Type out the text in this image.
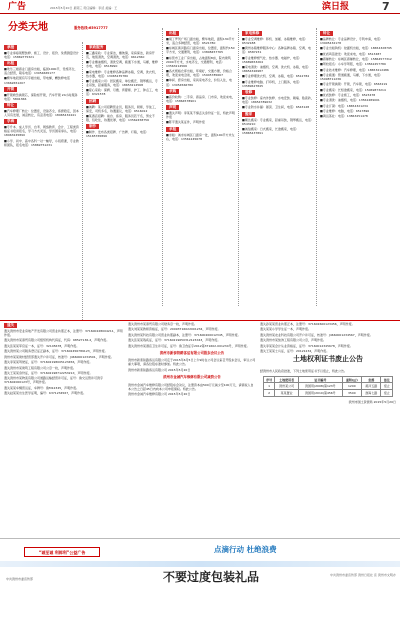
广告	2015年5月20日 星期三 责任编辑：李延 美编：王	滨日报	7
分类天地	服务热线:65917777
承接
■专业承接别墅装修、施工、设计、报价、免费测量设计电话：15869775321
出租
■欢乐三楼商业门面房出租，临街1000平，设施齐全，适合经营，联系电话：13054665177
■繁华地段现有写字楼出租，带电梯，精装修电话13662651207
开锁
■开锁救急换锁芯，保险柜开锁，汽车开锁 24小时服务 电话：5891366
转让
■汽车修理厂转让：位置佳，设备齐全，客源稳定，因本人另有发展，诚意转让，有意者电话：18965432441
学海
■专升本、成人学历、自考、网络教育、会计、工程类资格证书培训报名，学习方式灵活，学历国家承认，电话：18963245890
■小学、初中、高中各科一对一辅导，小班授课，专业教师团队，报名电话：15869751231
家政服务
■三鑫家政：专业保洁，擦玻璃，家庭保洁，新房开荒，地毯清洗，空调清洗，电话：6612360
■专业擦油烟机，清洗空调，疏通下水道，马桶，维修水电，电话：6518990
■家电维修：专业维修各种品牌冰箱，空调，洗衣机，热水器，电话：13065235780
■专业搬家公司：居民搬家、单位搬迁、钢琴搬运，专业吊装，起重服务，电话：18653214568
■爱心家政：保姆、月嫂、育婴师、护工、钟点工，电话：6321578
招聘
■诚聘：某公司招聘营业员，服务员，厨师，学徒工，保安，司机多名，待遇面议，电话：6516012
■某酒店招聘：前台、客房、服务员若干名，男女不限，包吃住，待遇优厚，电话：13562458756
制作
■制作、发布各类招牌、广告牌、灯箱，电话：15165765896
出租
■胡丁罗列广场门面出租，繁华地段，面积130平方米，适合多种经营，电话：6521780
■东城区黄河路有门面房出租，位置佳，面积约150平方米，交通便利，电话：13808457765
■东营市工业厂房出租，占地面积8亩，院内建筑2000平方米，水电齐全，交通便利，电话：13563214566
■各式规格仓库出租，环境好，交通方便，价格合理，欢迎来电洽谈，电话：15945785667
■单间、套房出租，家具家电齐全，拎包入住，电话：13054566780
求购
■高价收购：二手房、商品房、门市房，欢迎来电，电话：15864578901
声明
■遗失声明：李某某不慎丢失身份证一张，特此声明作废
■陈平遗失某证件，声明作废
求租
■求租：诚求东城区门面房一处，面积100平方米左右，电话：13561245678
家电维修
■专业空调维修：移机、加氟、冰箱维修，电话：6532188
■滨州冰箱维修服务中心：各种品牌冰箱、空调，电话：6587231
■专业维修燃气灶、热水器、电磁炉，电话：15689653264
■家电清洗：油烟机、空调、洗衣机、冰箱，电话：18654326987
■专业修理洗衣机、空调、冰箱，电话：6512784
■专业维修电脑、打印机，上门服务，电话：13589627845
装修
■专业装修：室内外装修、水电安装、刷墙、贴瓷砖，电话：18654789632
■专业防水补漏：屋顶、卫生间，电话：6543128
搬家
■顺达搬家：专业搬家，起重吊装，钢琴搬运，电话：6543210
■诚信搬家：日式搬家，长途搬家，电话：15865437891
转让
■品牌转让：专业品牌设计，专利申请，电话：13905432178
■专业出租钩机：挖掘机出租，电话：18654328795
■优质鸡苗批发：欢迎来电，电话：6513487
■商铺转让：东城区商铺转让，电话：15864577312
■驾校报名：小车学驾照，电话：13562457789
■专业技术维修：汽车修理，电话：18653212486
■专业疏通：管道疏通，马桶，下水道，电话：15098711236
■专业开锁换锁：开锁，汽车锁，电话：6563219
■专业搬家：长短途搬家，电话：15069873214
■优质装修：专业施工，电话：6523478
■专业清洗：油烟机，电话：13562489001
■专业订餐：电话：18654321234
■专业维修：电脑，电话：6517896
■鸿运茶社：电话：13863251478
遗失

遗失滨州市宏业房地产开发有限公司营业执照正本，注册号：371600228004211，声明作废。

遗失滨州市某商贸有限公司组织机构代码证，代码：68527136-2，声明作废。

遗失张某某军官证一本，证号：32145678，声明作废。

遗失滨州某公司税务登记证正副本，证号：371602456789123，声明作废。

滨州市某某建材经营部遗失开户许可证，核准号：J4660001234501，声明作废。

遗失李某某驾驶证，证号：371602198005123456，声明作废。

遗失滨州市某建筑工程有限公司公章一枚，声明作废。

遗失王某某身份证，证号：37160219871225321X，声明作废。

遗失滨州市某物流有限公司道路运输经营许可证，证号：鲁交运管许可滨字371602000123号，声明作废。

遗失某某车辆营运证，车牌号：鲁M12345，声明作废。

遗失赵某某出生医学证明，编号：K371234567，声明作废。

遗失滨州市某商贸有限公司财务章一枚，声明作废。

遗失刘某某教师资格证，证号：20093716022001234，声明作废。

遗失滨州某科技有限公司营业执照副本，注册号：371600200012345，声明作废。

遗失张某某残疾证，证号：37160219650312123X43，声明作废。

遗失滨州市某酒店卫生许可证，证号：鲁卫食证字2012第371602-001234号，声明作废。

滨州市新泰铁路客运有限公司股东会议公告

滨州市新泰铁路客运有限公司定于2015年6月5日上午9时在公司会议室召开股东会议，审议公司重大事项，请各位股东准时参加。特此公告。

滨州市新泰铁路客运有限公司 2015年5月20日

滨州市金诚汽车维修有限公司减资公告

滨州市金诚汽车维修有限公司经股东会决议，注册资本由500万元减少至100万元，请债权人自本公告之日起45日内向本公司申报债权。特此公告。

滨州市金诚汽车维修有限公司 2015年5月20日

遗失孙某某营业执照正本，注册号：371602600123456，声明作废。

遗失某某小学学生证一本，声明作废。

遗失滨州某农业科技有限公司开户许可证，核准号：J4660001234567，声明作废。

遗失滨州市某装饰工程有限公司公章，声明作废。

遗失李某某会计从业资格证，证号：37160012345678，声明作废。

遗失王某某士兵证，证号：20121234，声明作废。

土地权利证书废止公告

经滨州市人民政府批准，下列土地使用证书予以废止，特此公告。

序号	土地使用者	证书编号	面积(㎡)	坐落	备注
1	滨州某公司	滨国用(2008)第123号	1200	黄河五路	废止
2	某某置业	滨国用(2010)第456号	3500	渤海七路	废止

滨州市国土资源局 2015年5月20日

“诚至诚 利郎利”公益广告	点滴行动 杜绝浪费
中共滨州市委宣传部	不要过度包装礼品	中共滨州市委宣传部 滨州日报社 宣 滨州市文明办
